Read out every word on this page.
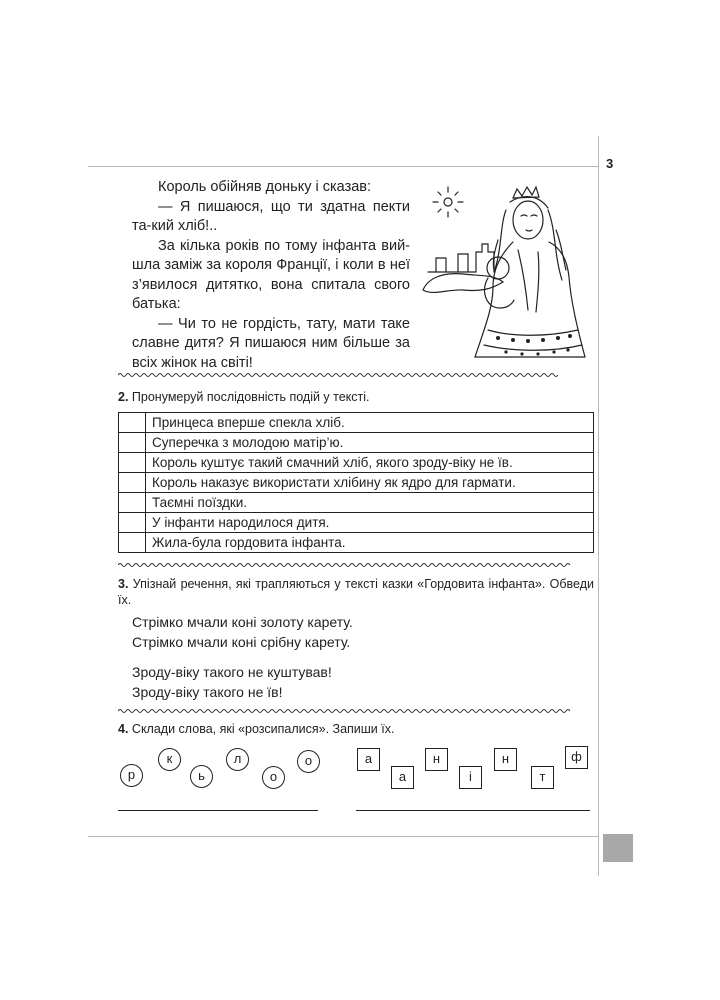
3

Король обійняв доньку і сказав:

— Я пишаюся, що ти здатна пекти та-кий хліб!..

За кілька років по тому інфанта вий-шла заміж за короля Франції, і коли в неї з’явилося дитятко, вона спитала свого батька:

— Чи то не гордість, тату, мати таке славне дитя? Я пишаюся ним більше за всіх жінок на світі!

2. Пронумеруй послідовність подій у тексті.
	Принцеса вперше спекла хліб.
	Суперечка з молодою матір’ю.
	Король куштує такий смачний хліб, якого зроду-віку не їв.
	Король наказує використати хлібину як ядро для гармати.
	Таємні поїздки.
	У інфанти народилося дитя.
	Жила-була гордовита інфанта.
3. Упізнай речення, які трапляються у тексті казки «Гордовита інфанта». Обведи їх.
Стрімко мчали коні золоту карету.
Стрімко мчали коні срібну карету.
Зроду-віку такого не куштував!
Зроду-віку такого не їв!
4. Склади слова, які «розсипалися». Запиши їх.
р
к
ь
л
о
о	а
а
н
і
н
т
ф
